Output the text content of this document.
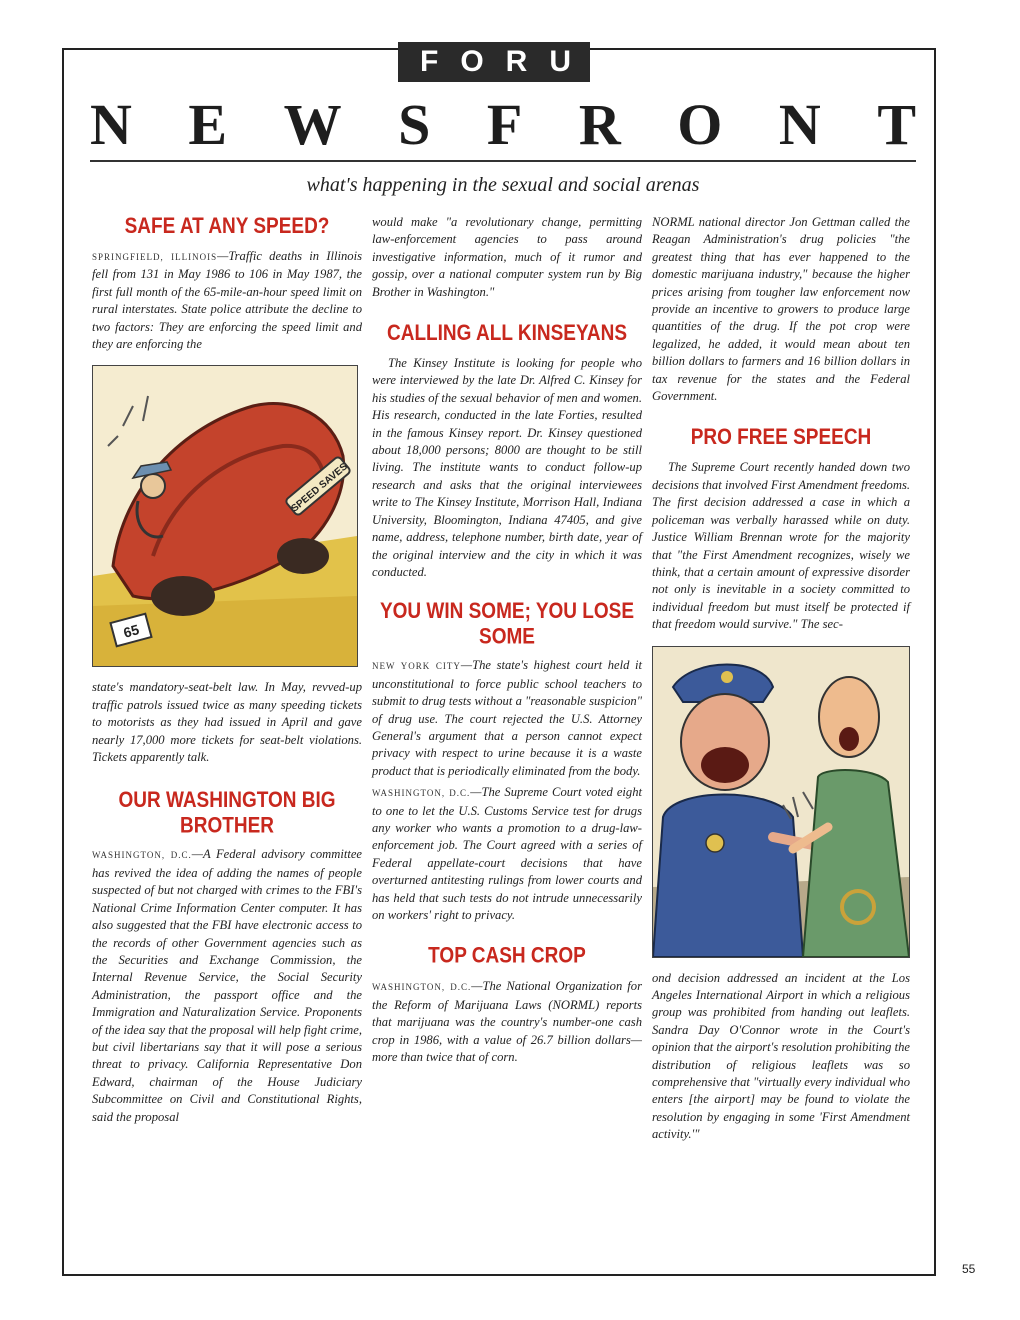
FORUM
N E W S F R O N T
what's happening in the sexual and social arenas
SAFE AT ANY SPEED?

SPRINGFIELD, ILLINOIS—Traffic deaths in Illinois fell from 131 in May 1986 to 106 in May 1987, the first full month of the 65-mile-an-hour speed limit on rural interstates. State police attribute the decline to two factors: They are enforcing the speed limit and they are enforcing the

SPEED SAVES
65

state's mandatory-seat-belt law. In May, revved-up traffic patrols issued twice as many speeding tickets to motorists as they had issued in April and gave nearly 17,000 more tickets for seat-belt violations. Tickets apparently talk.

OUR WASHINGTON BIG BROTHER

WASHINGTON, D.C.—A Federal advisory committee has revived the idea of adding the names of people suspected of but not charged with crimes to the FBI's National Crime Information Center computer. It has also suggested that the FBI have electronic access to the records of other Government agencies such as the Securities and Exchange Commission, the Internal Revenue Service, the Social Security Administration, the passport office and the Immigration and Naturalization Service. Proponents of the idea say that the proposal will help fight crime, but civil libertarians say that it will pose a serious threat to privacy. California Representative Don Edward, chairman of the House Judiciary Subcommittee on Civil and Constitutional Rights, said the proposal

would make "a revolutionary change, permitting law-enforcement agencies to pass around investigative information, much of it rumor and gossip, over a national computer system run by Big Brother in Washington."

CALLING ALL KINSEYANS

The Kinsey Institute is looking for people who were interviewed by the late Dr. Alfred C. Kinsey for his studies of the sexual behavior of men and women. His research, conducted in the late Forties, resulted in the famous Kinsey report. Dr. Kinsey questioned about 18,000 persons; 8000 are thought to be still living. The institute wants to conduct follow-up research and asks that the original interviewees write to The Kinsey Institute, Morrison Hall, Indiana University, Bloomington, Indiana 47405, and give name, address, telephone number, birth date, year of the original interview and the city in which it was conducted.

YOU WIN SOME; YOU LOSE SOME

NEW YORK CITY—The state's highest court held it unconstitutional to force public school teachers to submit to drug tests without a "reasonable suspicion" of drug use. The court rejected the U.S. Attorney General's argument that a person cannot expect privacy with respect to urine because it is a waste product that is periodically eliminated from the body.

WASHINGTON, D.C.—The Supreme Court voted eight to one to let the U.S. Customs Service test for drugs any worker who wants a promotion to a drug-law-enforcement job. The Court agreed with a series of Federal appellate-court decisions that have overturned antitesting rulings from lower courts and has held that such tests do not intrude unnecessarily on workers' right to privacy.

TOP CASH CROP

WASHINGTON, D.C.—The National Organization for the Reform of Marijuana Laws (NORML) reports that marijuana was the country's number-one cash crop in 1986, with a value of 26.7 billion dollars—more than twice that of corn.

NORML national director Jon Gettman called the Reagan Administration's drug policies "the greatest thing that has ever happened to the domestic marijuana industry," because the higher prices arising from tougher law enforcement now provide an incentive to growers to produce large quantities of the drug. If the pot crop were legalized, he added, it would mean about ten billion dollars to farmers and 16 billion dollars in tax revenue for the states and the Federal Government.

PRO FREE SPEECH

The Supreme Court recently handed down two decisions that involved First Amendment freedoms. The first decision addressed a case in which a policeman was verbally harassed while on duty. Justice William Brennan wrote for the majority that "the First Amendment recognizes, wisely we think, that a certain amount of expressive disorder not only is inevitable in a society committed to individual freedom but must itself be protected if that freedom would survive." The sec-

ond decision addressed an incident at the Los Angeles International Airport in which a religious group was prohibited from handing out leaflets. Sandra Day O'Connor wrote in the Court's opinion that the airport's resolution prohibiting the distribution of religious leaflets was so comprehensive that "virtually every individual who enters [the airport] may be found to violate the resolution by engaging in some 'First Amendment activity.'"

55
